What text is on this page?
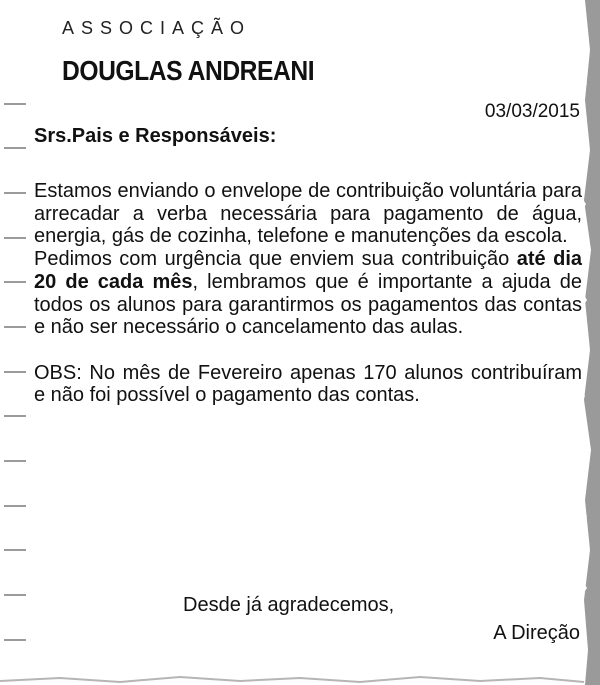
ASSOCIAÇÃO
DOUGLAS ANDREANI
03/03/2015
Srs.Pais e Responsáveis:

Estamos enviando o envelope de contribuição voluntária para arrecadar a verba necessária para pagamento de água, energia, gás de cozinha, telefone e manutenções da escola.

Pedimos com urgência que enviem sua contribuição até dia 20 de cada mês, lembramos que é importante a ajuda de todos os alunos para garantirmos os pagamentos das contas e não ser necessário o cancelamento das aulas.

OBS: No mês de Fevereiro apenas 170 alunos contribuíram e não foi possível o pagamento das contas.

Desde já agradecemos,
A Direção
